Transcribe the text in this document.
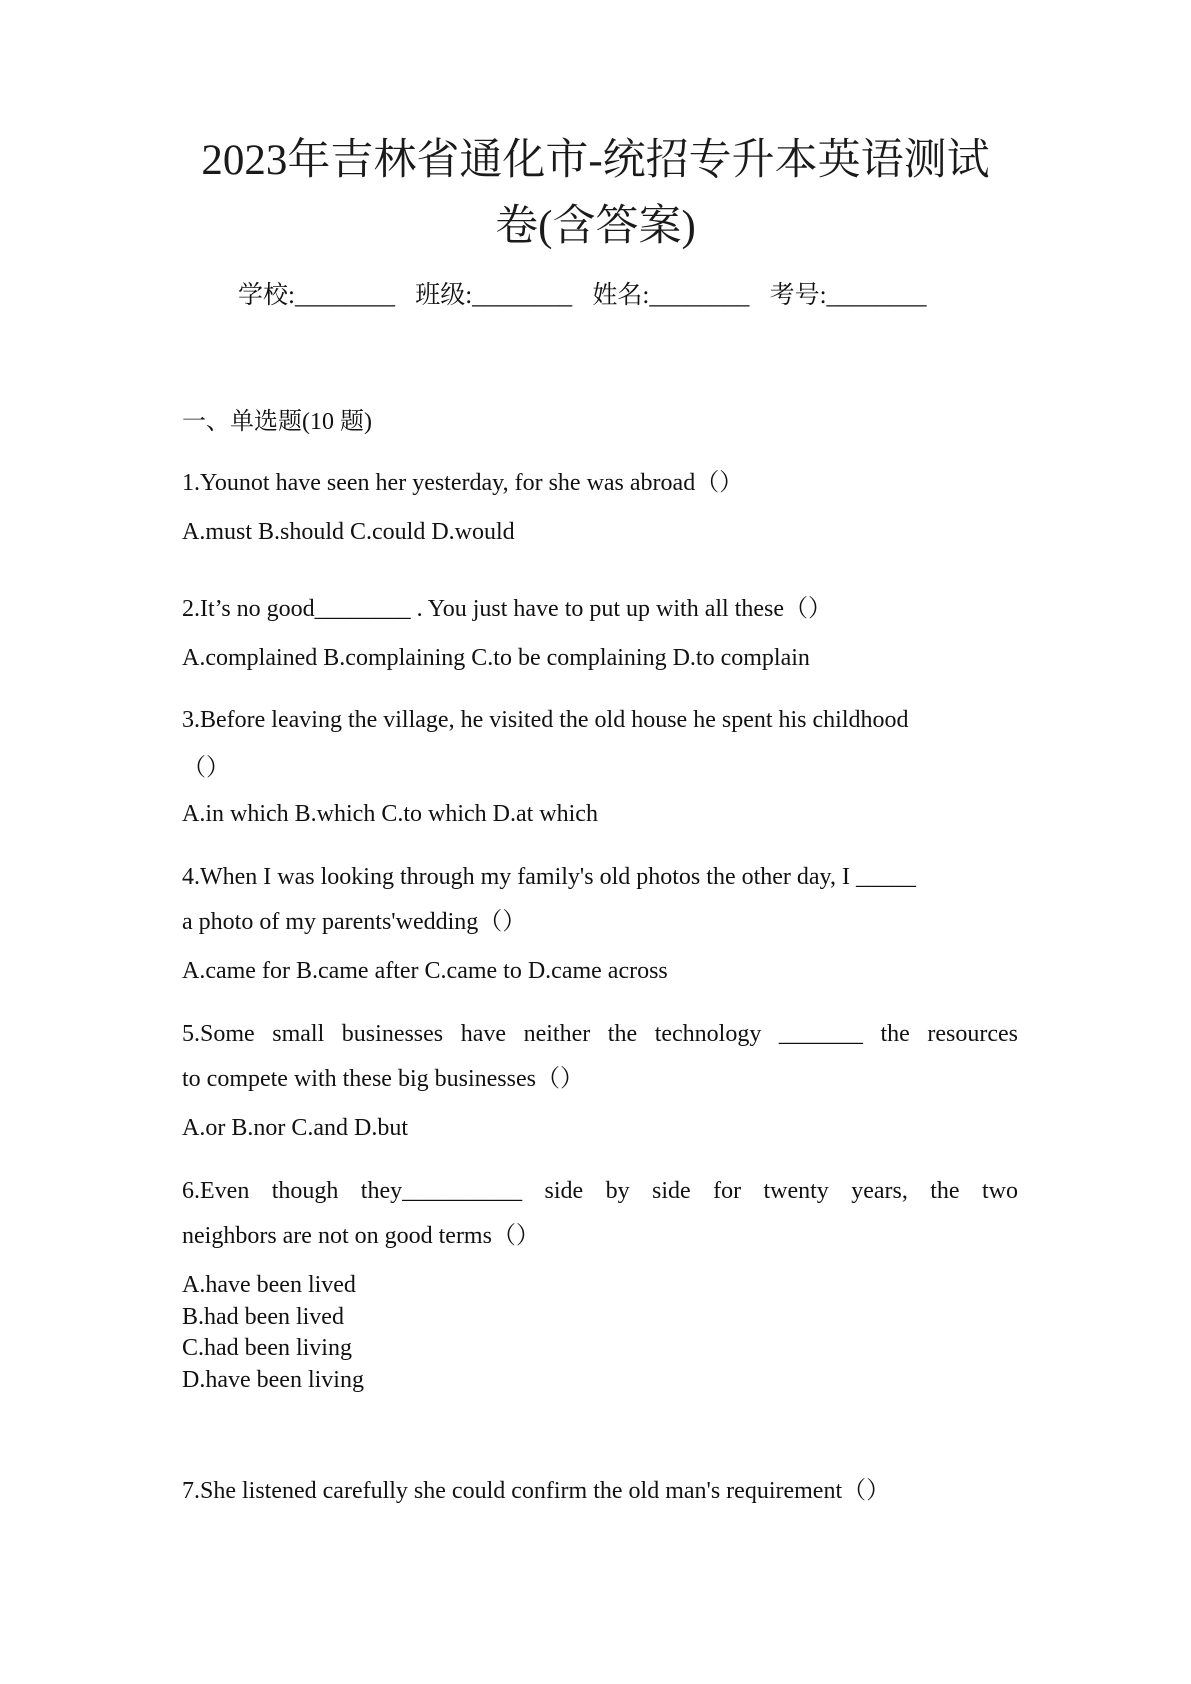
2023年吉林省通化市-统招专升本英语测试
卷(含答案)
学校:________ 班级:________ 姓名:________ 考号:________
一、单选题(10 题)
1.Younot have seen her yesterday, for she was abroad（）
A.must B.should C.could D.would
2.It’s no good________ . You just have to put up with all these（）
A.complained B.complaining C.to be complaining D.to complain
3.Before leaving the village, he visited the old house he spent his childhood
（）
A.in which B.which C.to which D.at which
4.When I was looking through my family's old photos the other day, I _____
a photo of my parents'wedding（）
A.came for B.came after C.came to D.came across
5.Some small businesses have neither the technology _______ the resources
to compete with these big businesses（）
A.or B.nor C.and D.but
6.Even though they__________ side by side for twenty years, the two
neighbors are not on good terms（）
A.have been lived
B.had been lived
C.had been living
D.have been living
7.She listened carefully she could confirm the old man's requirement（）
